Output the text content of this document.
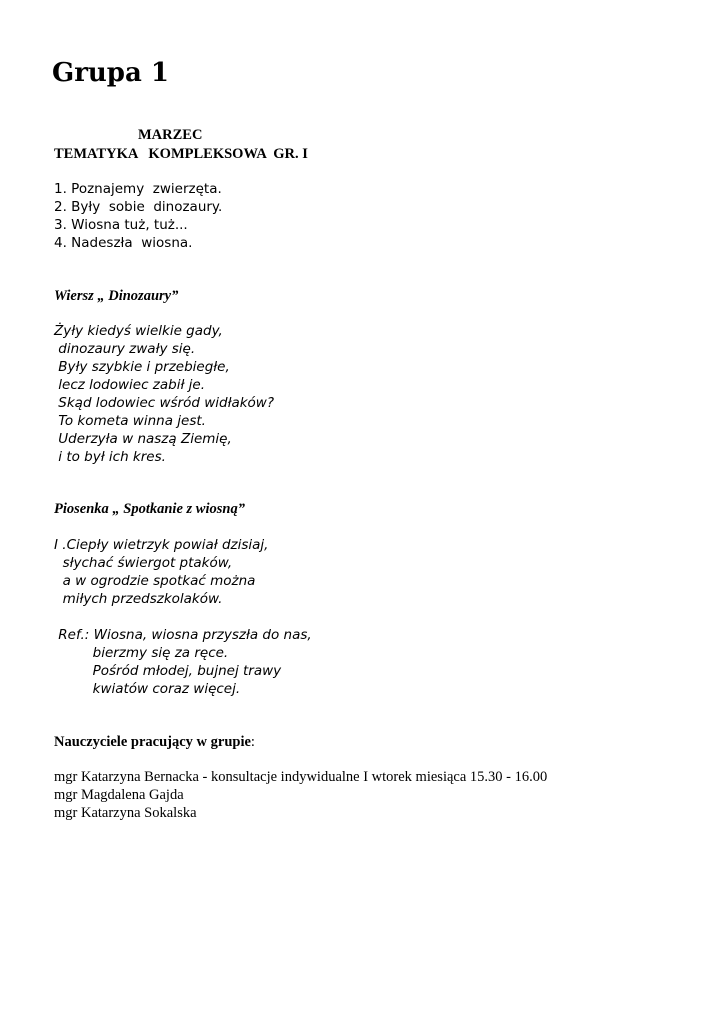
Grupa 1
MARZEC
TEMATYKA   KOMPLEKSOWA  GR. I
1. Poznajemy  zwierzęta.
2. Były  sobie  dinozaury.
3. Wiosna tuż, tuż...
4. Nadeszła  wiosna.
Wiersz „ Dinozaury”
Żyły kiedyś wielkie gady,
dinozaury zwały się.
Były szybkie i przebiegłe,
lecz lodowiec zabił je.
Skąd lodowiec wśród widłaków?
To kometa winna jest.
Uderzyła w naszą Ziemię,
i to był ich kres.
Piosenka „ Spotkanie z wiosną”
I .Ciepły wietrzyk powiał dzisiaj,
słychać świergot ptaków,
a w ogrodzie spotkać można
miłych przedszkolaków.
Ref.: Wiosna, wiosna przyszła do nas,
bierzmy się za ręce.
Pośród młodej, bujnej trawy
kwiatów coraz więcej.
Nauczyciele pracujący w grupie:
mgr Katarzyna Bernacka - konsultacje indywidualne I wtorek miesiąca 15.30 - 16.00
mgr Magdalena Gajda
mgr Katarzyna Sokalska
